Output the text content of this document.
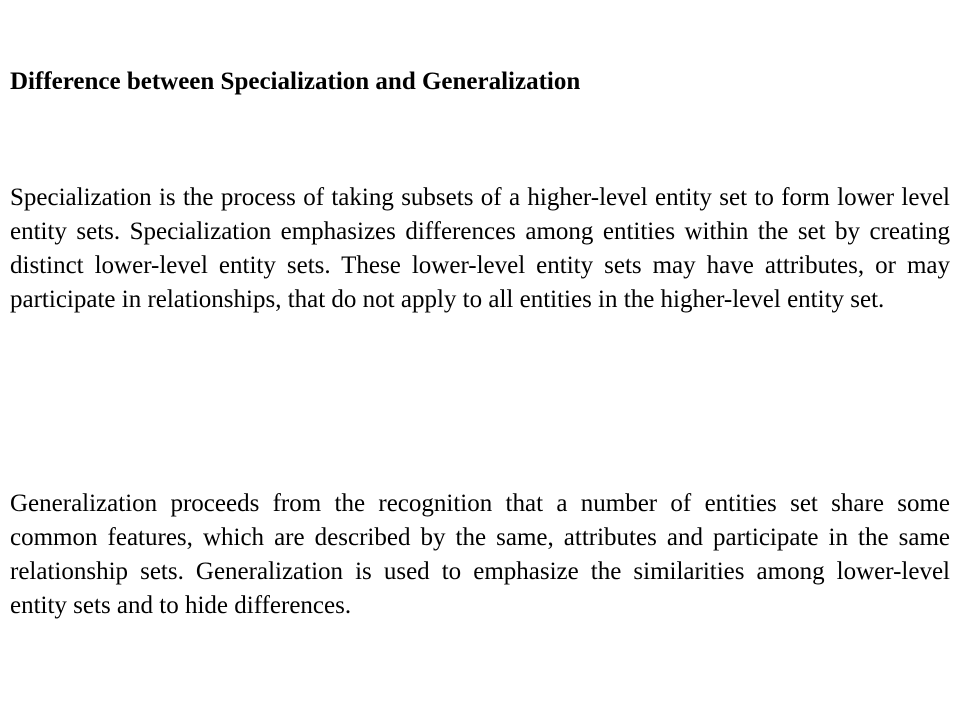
Difference between Specialization and Generalization

Specialization is the process of taking subsets of a higher-level entity set to form lower level entity sets. Specialization emphasizes differences among entities within the set by creating distinct lower-level entity sets. These lower-level entity sets may have attributes, or may participate in relationships, that do not apply to all entities in the higher-level entity set.

Generalization proceeds from the recognition that a number of entities set share some common features, which are described by the same, attributes and participate in the same relationship sets. Generalization is used to emphasize the similarities among lower-level entity sets and to hide differences.
